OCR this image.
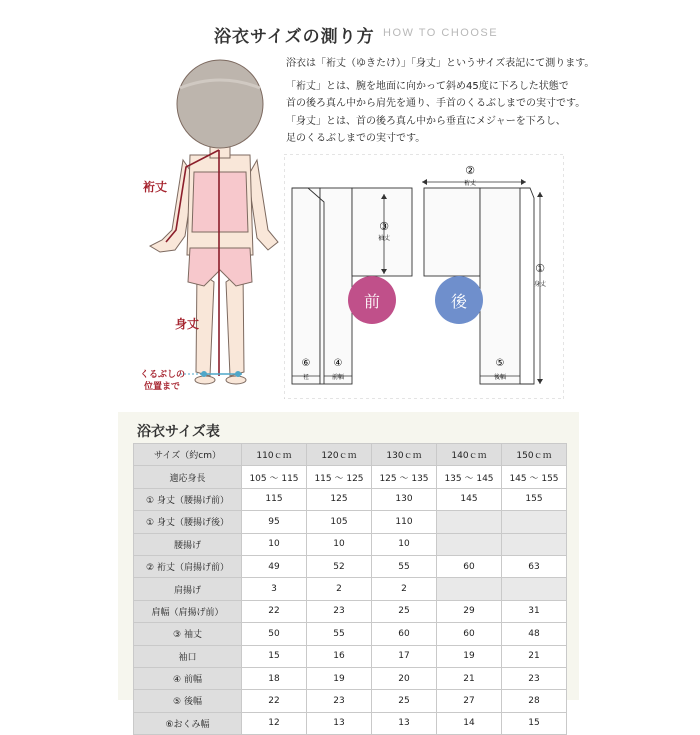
浴衣サイズの測り方 HOW TO CHOOSE
浴衣は「裄丈（ゆきたけ）」「身丈」というサイズ表記にて測ります。
「裄丈」とは、腕を地面に向かって斜め45度に下ろした状態で
首の後ろ真ん中から肩先を通り、手首のくるぶしまでの実寸です。
「身丈」とは、首の後ろ真ん中から垂直にメジャーを下ろし、
足のくるぶしまでの実寸です。
裄丈
身丈
くるぶしの
位置まで
前	後
②
裄丈
③
袖丈
①
身丈
⑥
衽
④
前幅
⑤
後幅
浴衣サイズ表
サイズ（約cm）	110ｃｍ	120ｃｍ	130ｃｍ	140ｃｍ	150ｃｍ
適応身長	105 ～ 115	115 ～ 125	125 ～ 135	135 ～ 145	145 ～ 155
① 身丈（腰揚げ前）	115	125	130	145	155
① 身丈（腰揚げ後）	95	105	110		
腰揚げ	10	10	10		
② 裄丈（肩揚げ前）	49	52	55	60	63
肩揚げ	3	2	2		
肩幅（肩揚げ前）	22	23	25	29	31
③ 袖丈	50	55	60	60	48
袖口	15	16	17	19	21
④ 前幅	18	19	20	21	23
⑤ 後幅	22	23	25	27	28
⑥おくみ幅	12	13	13	14	15
